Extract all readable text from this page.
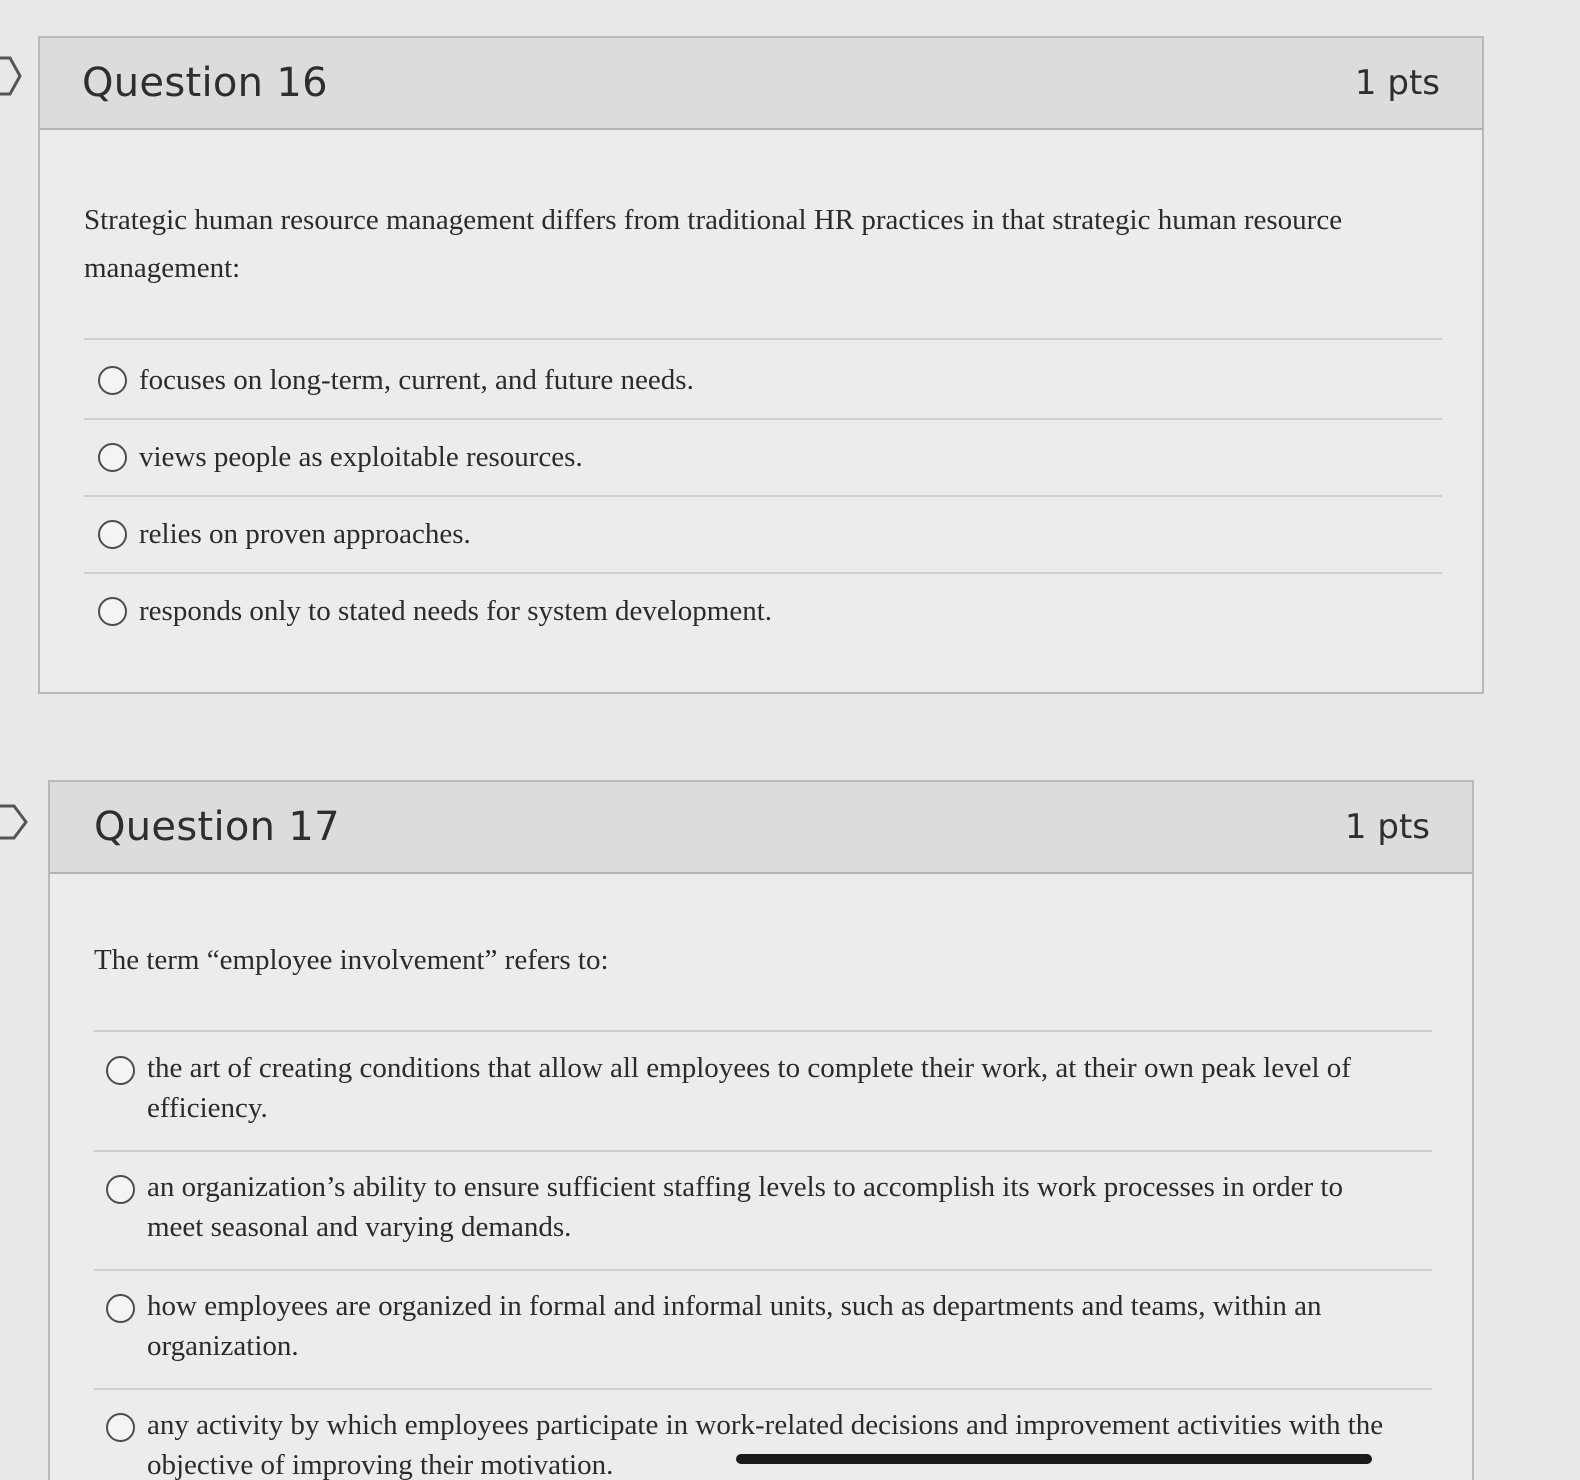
Question 16	1 pts
Strategic human resource management differs from traditional HR practices in that strategic human resource management:
focuses on long-term, current, and future needs.
views people as exploitable resources.
relies on proven approaches.
responds only to stated needs for system development.
Question 17	1 pts
The term “employee involvement” refers to:
the art of creating conditions that allow all employees to complete their work, at their own peak level of efficiency.
an organization’s ability to ensure sufficient staffing levels to accomplish its work processes in order to meet seasonal and varying demands.
how employees are organized in formal and informal units, such as departments and teams, within an organization.
any activity by which employees participate in work-related decisions and improvement activities with the objective of improving their motivation.
